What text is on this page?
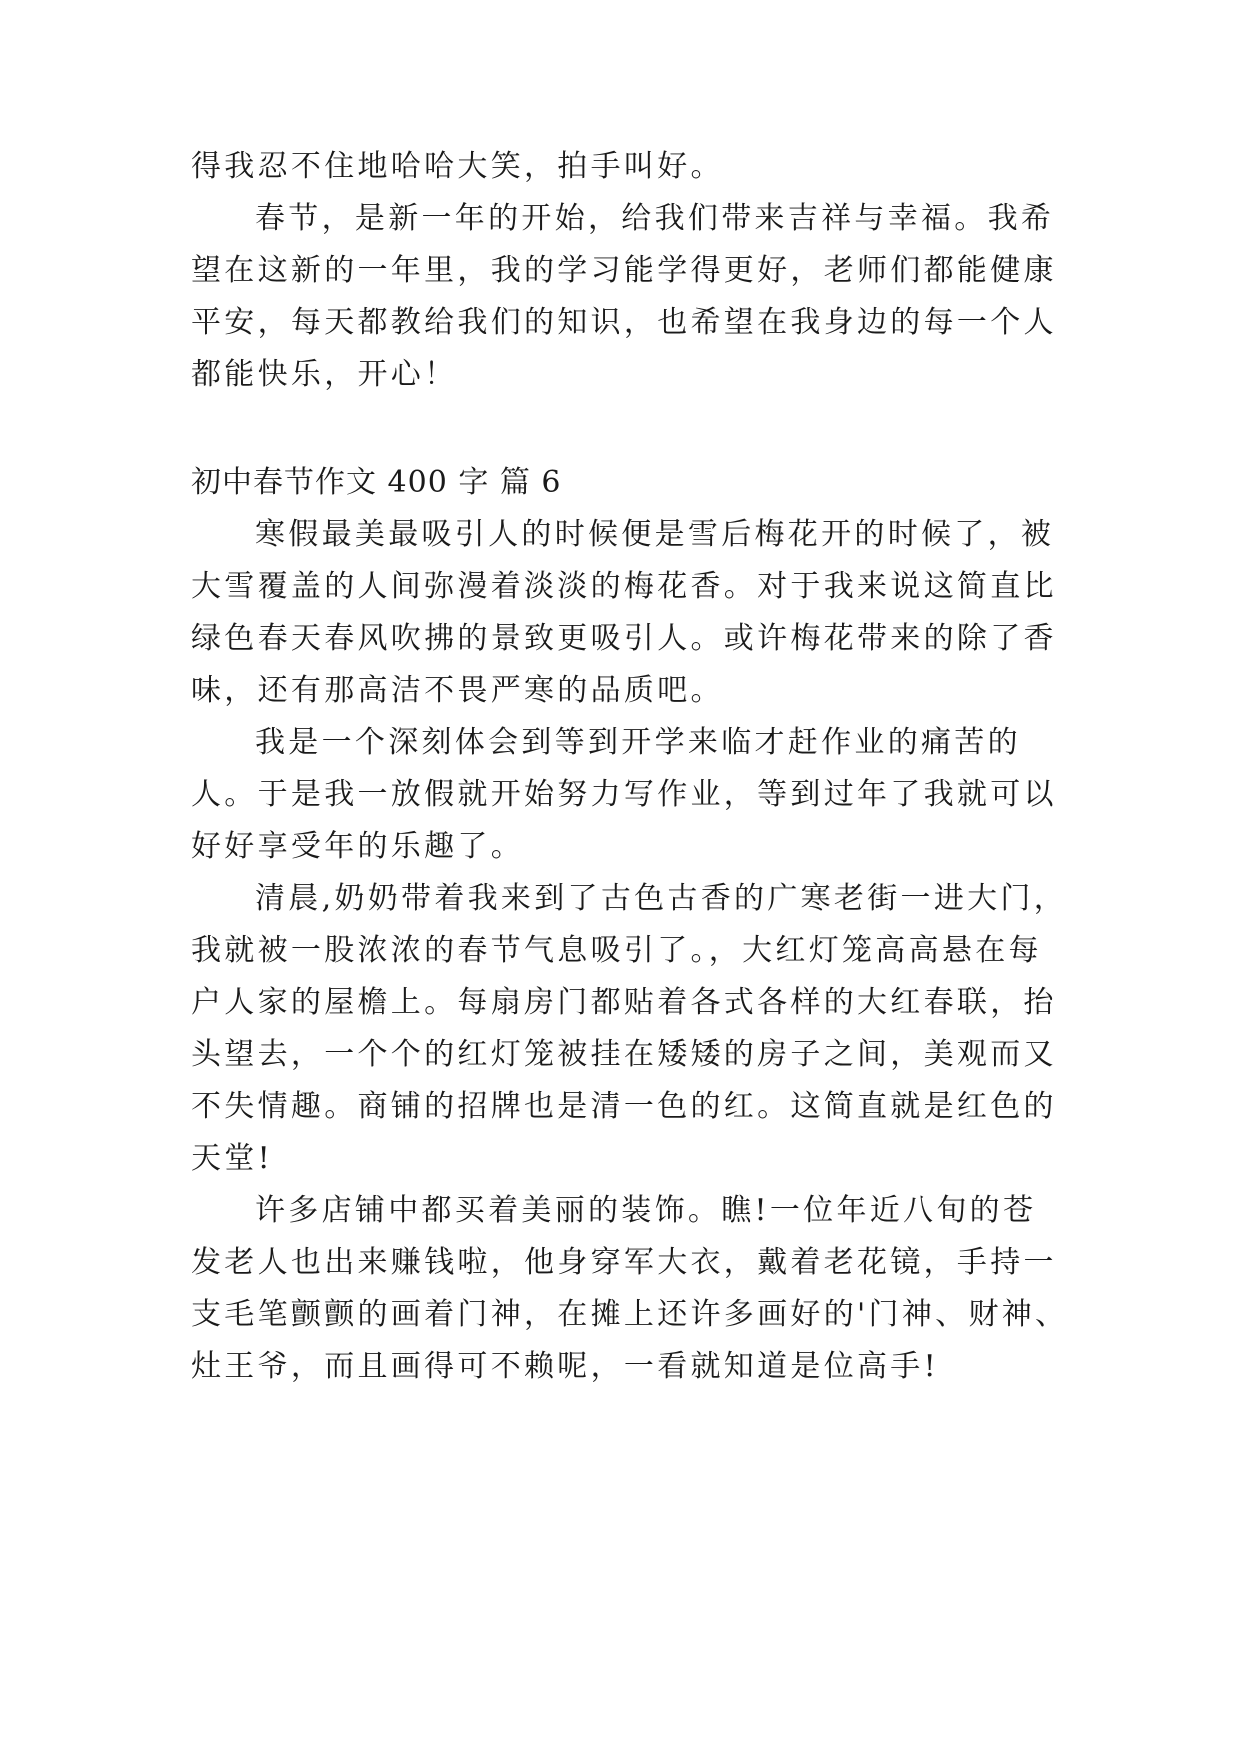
得我忍不住地哈哈大笑，拍手叫好。
春节，是新一年的开始，给我们带来吉祥与幸福。我希
望在这新的一年里，我的学习能学得更好，老师们都能健康
平安，每天都教给我们的知识，也希望在我身边的每一个人
都能快乐，开心！
初中春节作文 400 字 篇 6
寒假最美最吸引人的时候便是雪后梅花开的时候了，被
大雪覆盖的人间弥漫着淡淡的梅花香。对于我来说这简直比
绿色春天春风吹拂的景致更吸引人。或许梅花带来的除了香
味，还有那高洁不畏严寒的品质吧。
我是一个深刻体会到等到开学来临才赶作业的痛苦的
人。于是我一放假就开始努力写作业，等到过年了我就可以
好好享受年的乐趣了。
清晨,奶奶带着我来到了古色古香的广寒老街一进大门，
我就被一股浓浓的春节气息吸引了。，大红灯笼高高悬在每
户人家的屋檐上。每扇房门都贴着各式各样的大红春联，抬
头望去，一个个的红灯笼被挂在矮矮的房子之间，美观而又
不失情趣。商铺的招牌也是清一色的红。这简直就是红色的
天堂!
许多店铺中都买着美丽的装饰。瞧!一位年近八旬的苍
发老人也出来赚钱啦，他身穿军大衣，戴着老花镜，手持一
支毛笔颤颤的画着门神，在摊上还许多画好的'门神、财神、
灶王爷，而且画得可不赖呢，一看就知道是位高手!
